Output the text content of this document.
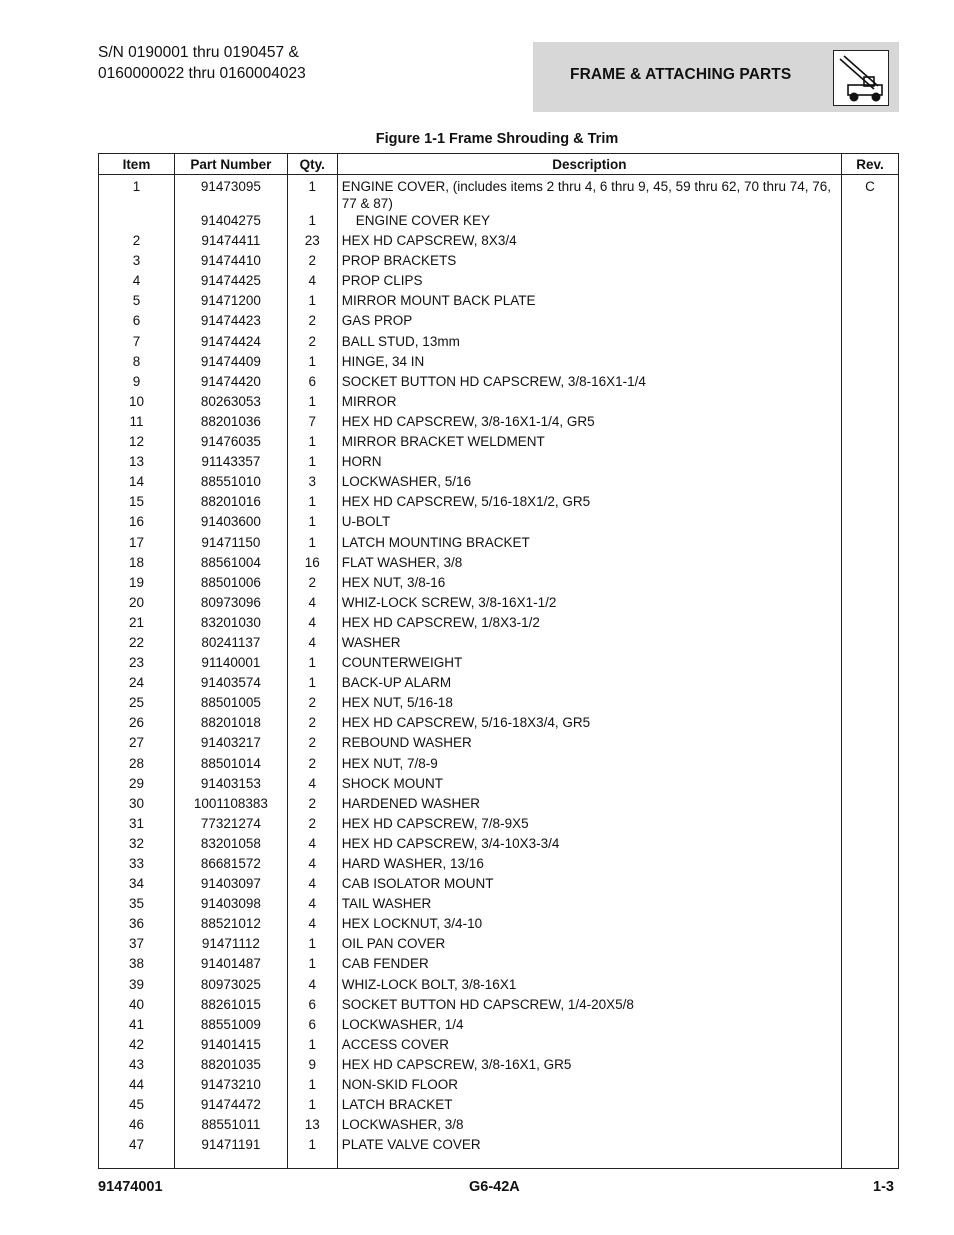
S/N 0190001 thru 0190457 &
0160000022 thru 0160004023	FRAME & ATTACHING PARTS
Figure 1-1 Frame Shrouding & Trim
Item	Part Number	Qty.	Description	Rev.
1	91473095	1	ENGINE COVER, (includes items 2 thru 4, 6 thru 9, 45, 59 thru 62, 70 thru 74, 76, 77 & 87)	C
	91404275	1	ENGINE COVER KEY	
2	91474411	23	HEX HD CAPSCREW, 8X3/4	
3	91474410	2	PROP BRACKETS	
4	91474425	4	PROP CLIPS	
5	91471200	1	MIRROR MOUNT BACK PLATE	
6	91474423	2	GAS PROP	
7	91474424	2	BALL STUD, 13mm	
8	91474409	1	HINGE, 34 IN	
9	91474420	6	SOCKET BUTTON HD CAPSCREW, 3/8-16X1-1/4	
10	80263053	1	MIRROR	
11	88201036	7	HEX HD CAPSCREW, 3/8-16X1-1/4, GR5	
12	91476035	1	MIRROR BRACKET WELDMENT	
13	91143357	1	HORN	
14	88551010	3	LOCKWASHER, 5/16	
15	88201016	1	HEX HD CAPSCREW, 5/16-18X1/2, GR5	
16	91403600	1	U-BOLT	
17	91471150	1	LATCH MOUNTING BRACKET	
18	88561004	16	FLAT WASHER, 3/8	
19	88501006	2	HEX NUT, 3/8-16	
20	80973096	4	WHIZ-LOCK SCREW, 3/8-16X1-1/2	
21	83201030	4	HEX HD CAPSCREW, 1/8X3-1/2	
22	80241137	4	WASHER	
23	91140001	1	COUNTERWEIGHT	
24	91403574	1	BACK-UP ALARM	
25	88501005	2	HEX NUT, 5/16-18	
26	88201018	2	HEX HD CAPSCREW, 5/16-18X3/4, GR5	
27	91403217	2	REBOUND WASHER	
28	88501014	2	HEX NUT, 7/8-9	
29	91403153	4	SHOCK MOUNT	
30	1001108383	2	HARDENED WASHER	
31	77321274	2	HEX HD CAPSCREW, 7/8-9X5	
32	83201058	4	HEX HD CAPSCREW, 3/4-10X3-3/4	
33	86681572	4	HARD WASHER, 13/16	
34	91403097	4	CAB ISOLATOR MOUNT	
35	91403098	4	TAIL WASHER	
36	88521012	4	HEX LOCKNUT, 3/4-10	
37	91471112	1	OIL PAN COVER	
38	91401487	1	CAB FENDER	
39	80973025	4	WHIZ-LOCK BOLT, 3/8-16X1	
40	88261015	6	SOCKET BUTTON HD CAPSCREW, 1/4-20X5/8	
41	88551009	6	LOCKWASHER, 1/4	
42	91401415	1	ACCESS COVER	
43	88201035	9	HEX HD CAPSCREW, 3/8-16X1, GR5	
44	91473210	1	NON-SKID FLOOR	
45	91474472	1	LATCH BRACKET	
46	88551011	13	LOCKWASHER, 3/8	
47	91471191	1	PLATE VALVE COVER	

91474001	G6-42A	1-3
